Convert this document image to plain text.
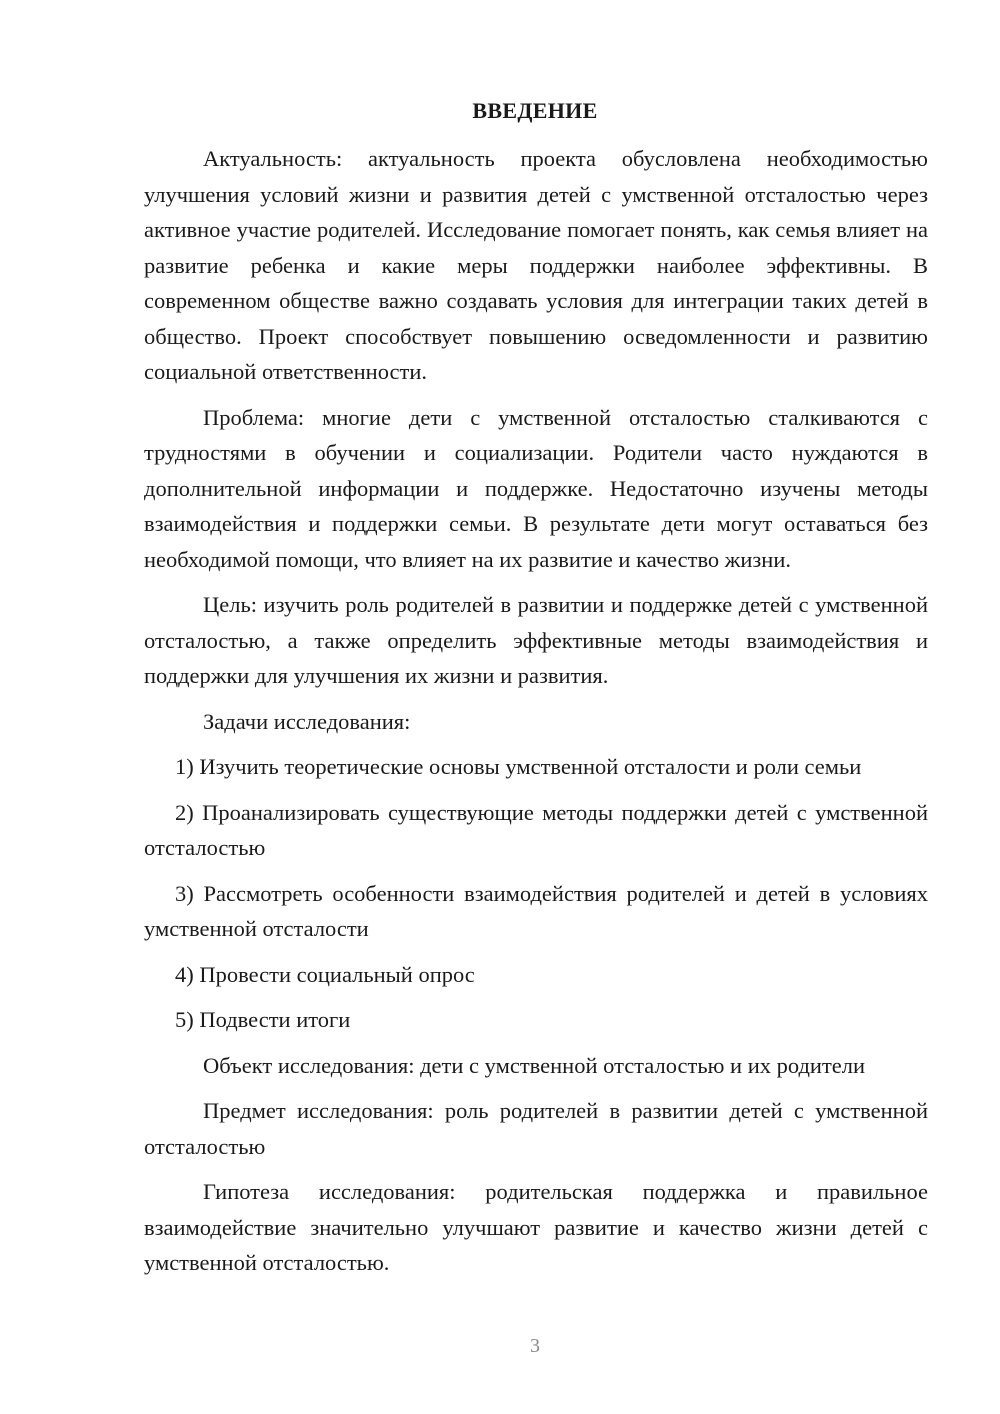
ВВЕДЕНИЕ

Актуальность: актуальность проекта обусловлена необходимостью улучшения условий жизни и развития детей с умственной отсталостью через активное участие родителей. Исследование помогает понять, как семья влияет на развитие ребенка и какие меры поддержки наиболее эффективны. В современном обществе важно создавать условия для интеграции таких детей в общество. Проект способствует повышению осведомленности и развитию социальной ответственности.

Проблема: многие дети с умственной отсталостью сталкиваются с трудностями в обучении и социализации. Родители часто нуждаются в дополнительной информации и поддержке. Недостаточно изучены методы взаимодействия и поддержки семьи. В результате дети могут оставаться без необходимой помощи, что влияет на их развитие и качество жизни.

Цель: изучить роль родителей в развитии и поддержке детей с умственной отсталостью, а также определить эффективные методы взаимодействия и поддержки для улучшения их жизни и развития.

Задачи исследования:

1) Изучить теоретические основы умственной отсталости и роли семьи

2) Проанализировать существующие методы поддержки детей с умственной отсталостью

3) Рассмотреть особенности взаимодействия родителей и детей в условиях умственной отсталости

4) Провести социальный опрос

5) Подвести итоги

Объект исследования: дети с умственной отсталостью и их родители

Предмет исследования: роль родителей в развитии детей с умственной отсталостью

Гипотеза исследования: родительская поддержка и правильное взаимодействие значительно улучшают развитие и качество жизни детей с умственной отсталостью.

3
